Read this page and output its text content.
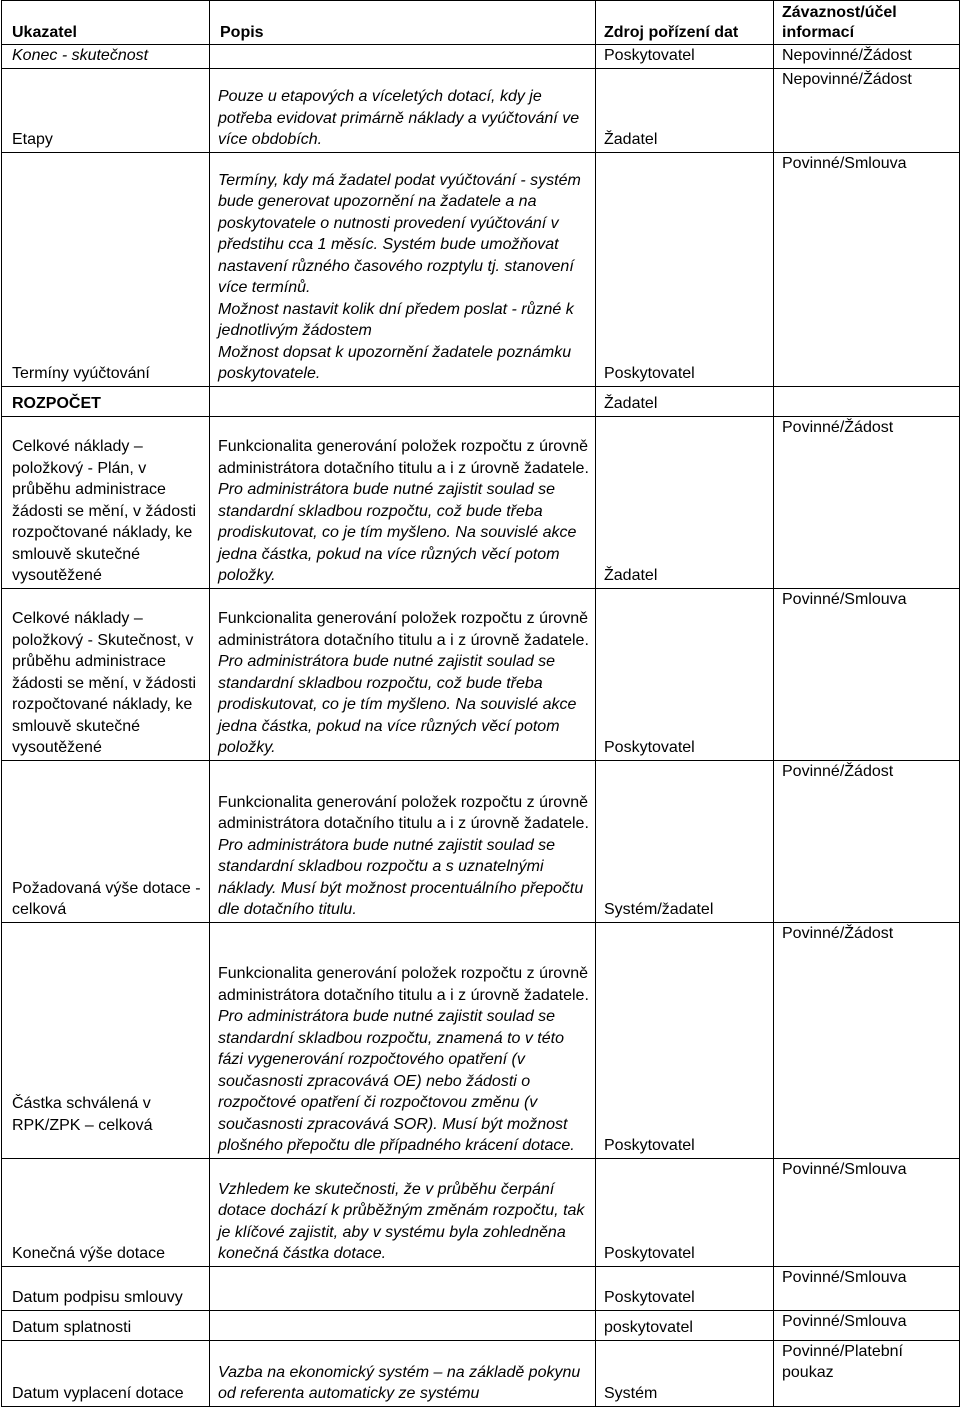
Ukazatel	Popis	Zdroj pořízení dat	Závaznost/účel informací
Konec - skutečnost		Poskytovatel	Nepovinné/Žádost
Etapy	Pouze u etapových a víceletých dotací, kdy je potřeba evidovat primárně náklady a vyúčtování ve více obdobích.	Žadatel	Nepovinné/Žádost
Termíny vyúčtování	Termíny, kdy má žadatel podat vyúčtování - systém bude generovat upozornění na žadatele a na poskytovatele o nutnosti provedení vyúčtování v předstihu cca 1 měsíc. Systém bude umožňovat nastavení různého časového rozptylu tj. stanovení více termínů.
Možnost nastavit kolik dní předem poslat - různé k jednotlivým žádostem
Možnost dopsat k upozornění žadatele poznámku poskytovatele.	Poskytovatel	Povinné/Smlouva
ROZPOČET		Žadatel	
Celkové náklady – položkový - Plán, v průběhu administrace žádosti se mění, v žádosti rozpočtované náklady, ke smlouvě skutečné vysoutěžené	Funkcionalita generování položek rozpočtu z úrovně administrátora dotačního titulu a i z úrovně žadatele. Pro administrátora bude nutné zajistit soulad se standardní skladbou rozpočtu, což bude třeba prodiskutovat, co je tím myšleno. Na souvislé akce jedna částka, pokud na více různých věcí potom položky.	Žadatel	Povinné/Žádost
Celkové náklady – položkový - Skutečnost, v průběhu administrace žádosti se mění, v žádosti rozpočtované náklady, ke smlouvě skutečné vysoutěžené	Funkcionalita generování položek rozpočtu z úrovně administrátora dotačního titulu a i z úrovně žadatele. Pro administrátora bude nutné zajistit soulad se standardní skladbou rozpočtu, což bude třeba prodiskutovat, co je tím myšleno. Na souvislé akce jedna částka, pokud na více různých věcí potom položky.	Poskytovatel	Povinné/Smlouva
Požadovaná výše dotace - celková	Funkcionalita generování položek rozpočtu z úrovně administrátora dotačního titulu a i z úrovně žadatele. Pro administrátora bude nutné zajistit soulad se standardní skladbou rozpočtu a s uznatelnými náklady. Musí být možnost procentuálního přepočtu dle dotačního titulu.	Systém/žadatel	Povinné/Žádost
Částka schválená v RPK/ZPK – celková	Funkcionalita generování položek rozpočtu z úrovně administrátora dotačního titulu a i z úrovně žadatele. Pro administrátora bude nutné zajistit soulad se standardní skladbou rozpočtu, znamená to v této fázi vygenerování rozpočtového opatření (v současnosti zpracovává OE) nebo žádosti o rozpočtové opatření či rozpočtovou změnu (v současnosti zpracovává SOR). Musí být možnost plošného přepočtu dle případného krácení dotace.	Poskytovatel	Povinné/Žádost
Konečná výše dotace	Vzhledem ke skutečnosti, že v průběhu čerpání dotace dochází k průběžným změnám rozpočtu, tak je klíčové zajistit, aby v systému byla zohledněna konečná částka dotace.	Poskytovatel	Povinné/Smlouva
Datum podpisu smlouvy		Poskytovatel	Povinné/Smlouva
Datum splatnosti		poskytovatel	Povinné/Smlouva
Datum vyplacení dotace	Vazba na ekonomický systém – na základě pokynu od referenta automaticky ze systému	Systém	Povinné/Platební poukaz
